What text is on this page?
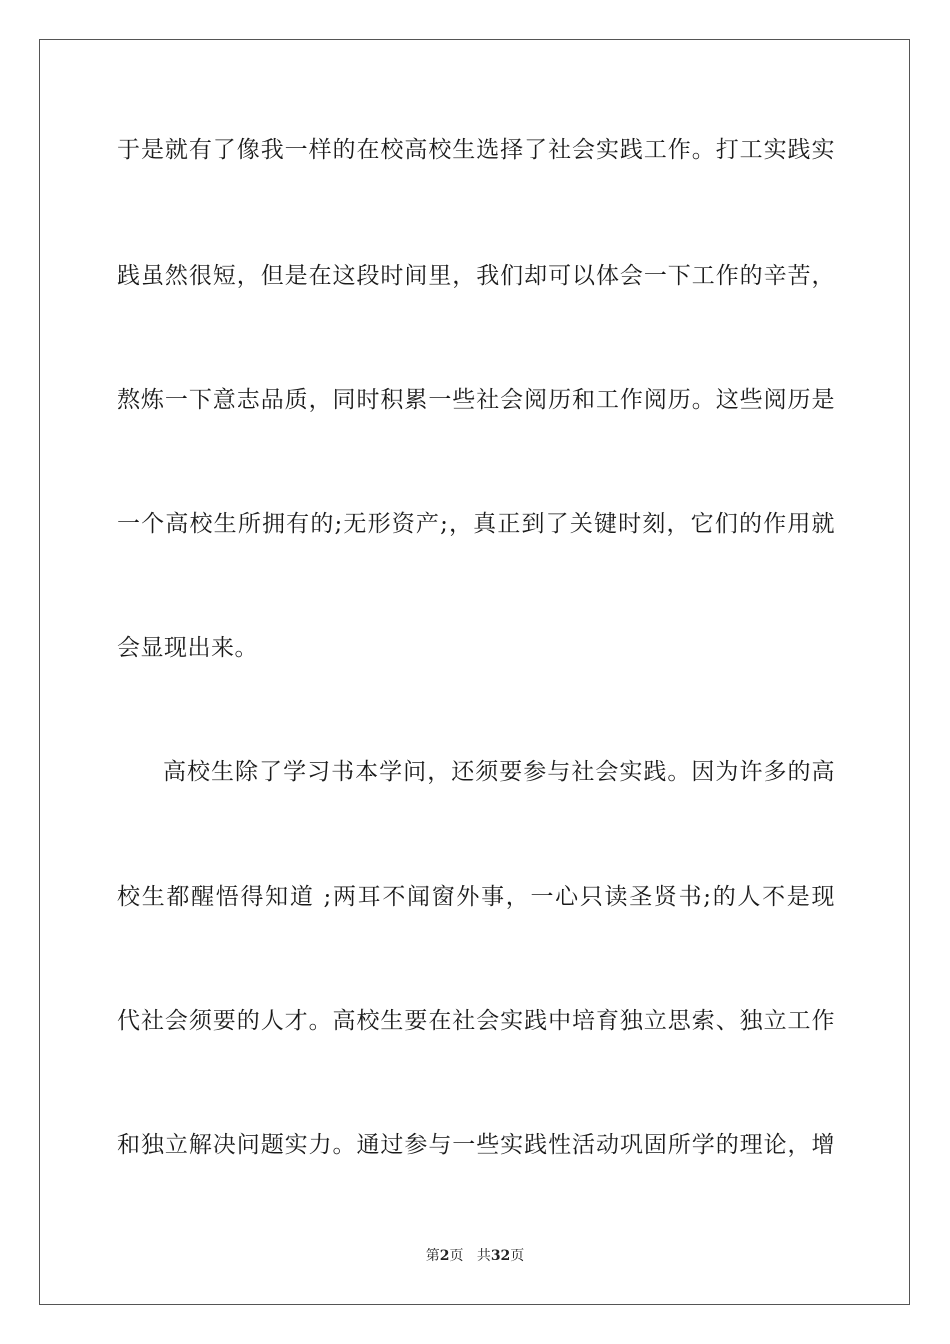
于是就有了像我一样的在校高校生选择了社会实践工作。打工实践实
践虽然很短，但是在这段时间里，我们却可以体会一下工作的辛苦，
熬炼一下意志品质，同时积累一些社会阅历和工作阅历。这些阅历是
一个高校生所拥有的;无形资产;，真正到了关键时刻，它们的作用就
会显现出来。
高校生除了学习书本学问，还须要参与社会实践。因为许多的高
校生都醒悟得知道 ;两耳不闻窗外事，一心只读圣贤书;的人不是现
代社会须要的人才。高校生要在社会实践中培育独立思索、独立工作
和独立解决问题实力。通过参与一些实践性活动巩固所学的理论，增
第2页 共32页
